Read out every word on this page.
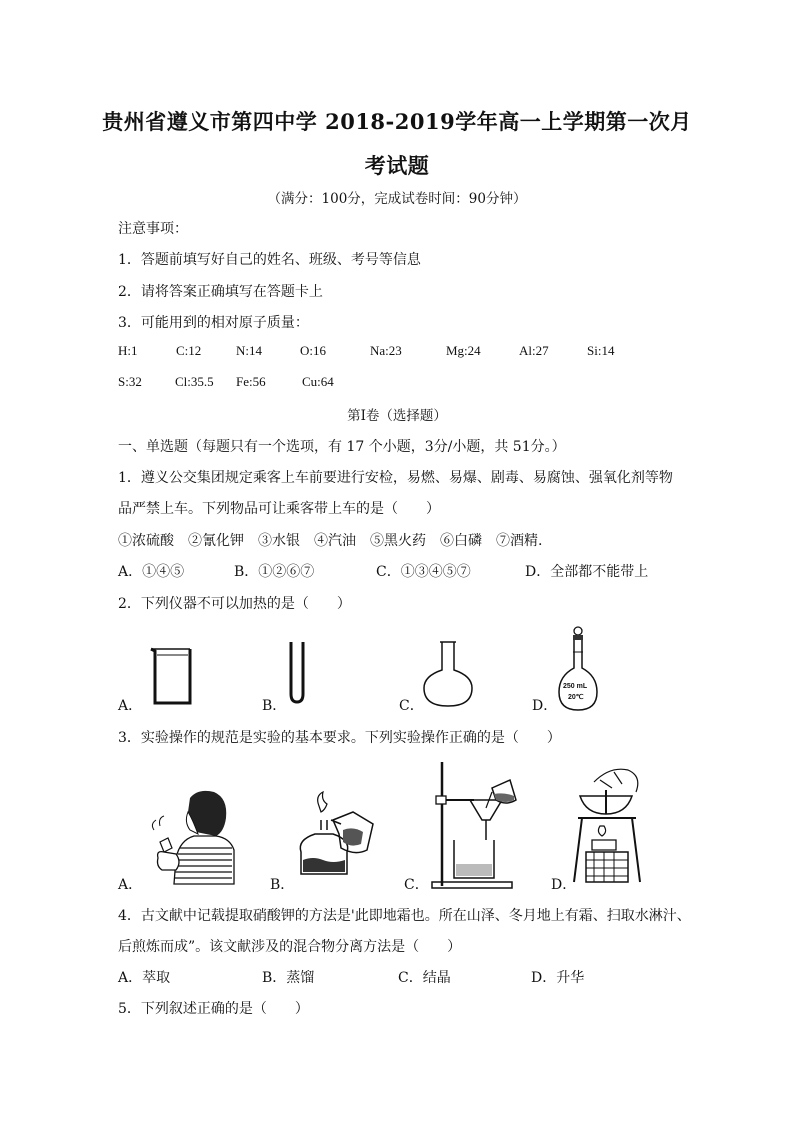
贵州省遵义市第四中学 2018-2019学年高一上学期第一次月
考试题
（满分：100分，完成试卷时间：90分钟）
注意事项：
1．答题前填写好自己的姓名、班级、考号等信息
2．请将答案正确填写在答题卡上
3．可能用到的相对原子质量：
H:1	C:12	N:14	O:16	Na:23	Mg:24	Al:27	Si:14
S:32	Cl:35.5 Fe:56	Cu:64
第Ⅰ卷（选择题）
一、单选题（每题只有一个选项，有 17 个小题，3分/小题，共 51分。）
1．遵义公交集团规定乘客上车前要进行安检，易燃、易爆、剧毒、易腐蚀、强氧化剂等物
品严禁上车。下列物品可让乘客带上车的是（　　）
①浓硫酸　②氰化钾　③水银　④汽油　⑤黑火药　⑥白磷　⑦酒精.
A．①④⑤	B．①②⑥⑦	C．①③④⑤⑦	D．全部都不能带上
2．下列仪器不可以加热的是（　　）
A．	B．	C．
250 mL
20℃
D．
3．实验操作的规范是实验的基本要求。下列实验操作正确的是（　　）
A．	B．	C．	D．
4．古文献中记载提取硝酸钾的方法是'此即地霜也。所在山泽、冬月地上有霜、扫取水淋汁、
后煎炼而成”。该文献涉及的混合物分离方法是（　　）
A．萃取	B．蒸馏	C．结晶	D．升华
5．下列叙述正确的是（　　）
